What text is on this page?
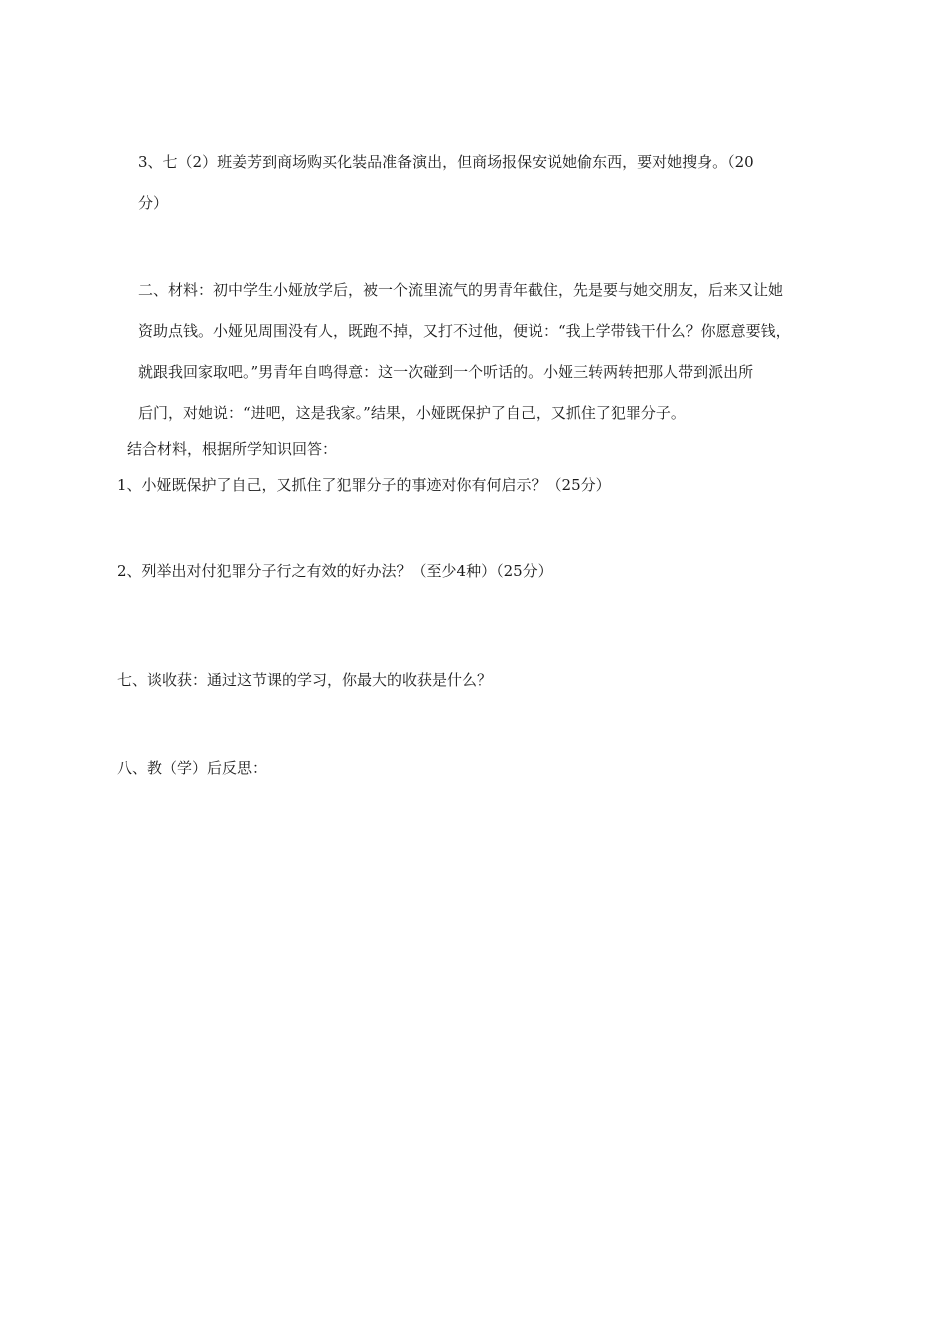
3、七（2）班姜芳到商场购买化装品准备演出，但商场报保安说她偷东西，要对她搜身。（20
分）
二、材料：初中学生小娅放学后，被一个流里流气的男青年截住，先是要与她交朋友，后来又让她
资助点钱。小娅见周围没有人，既跑不掉，又打不过他，便说：“我上学带钱干什么？你愿意要钱，
就跟我回家取吧。”男青年自鸣得意：这一次碰到一个听话的。小娅三转两转把那人带到派出所
后门，对她说：“进吧，这是我家。”结果，小娅既保护了自己，又抓住了犯罪分子。
结合材料，根据所学知识回答：
1、小娅既保护了自己，又抓住了犯罪分子的事迹对你有何启示？（25分）
2、列举出对付犯罪分子行之有效的好办法？（至少4种）（25分）
七、谈收获：通过这节课的学习，你最大的收获是什么？
八、教（学）后反思：
